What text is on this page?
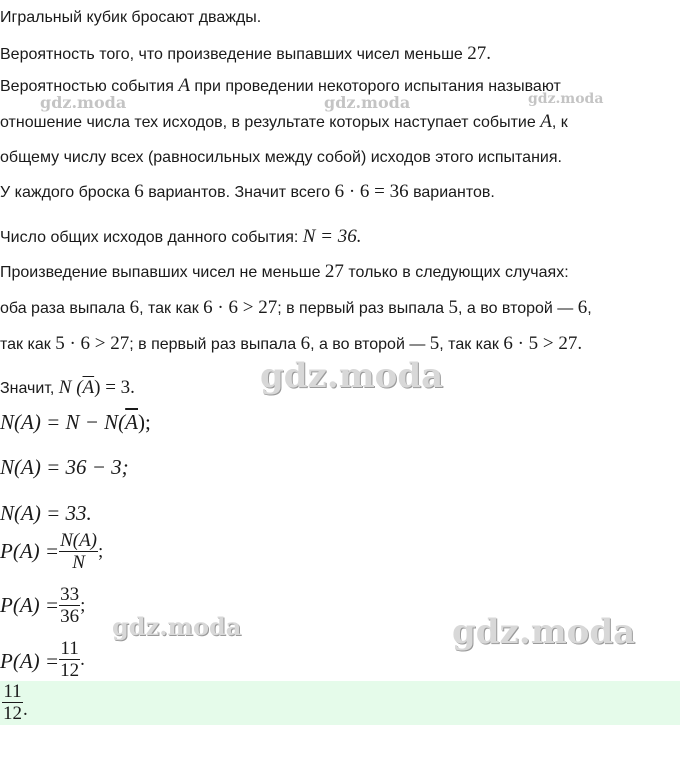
Игральный кубик бросают дважды.
Вероятность того, что произведение выпавших чисел меньше 27.
Вероятностью события A при проведении некоторого испытания называют
отношение числа тех исходов, в результате которых наступает событие A, к
общему числу всех (равносильных между собой) исходов этого испытания.
У каждого броска 6 вариантов. Значит всего 6 · 6 = 36 вариантов.
Число общих исходов данного события: N = 36.
Произведение выпавших чисел не меньше 27 только в следующих случаях:
оба раза выпала 6, так как 6 · 6 > 27; в первый раз выпала 5, а во второй — 6,
так как 5 · 6 > 27; в первый раз выпала 6, а во второй — 5, так как 6 · 5 > 27.
Значит, N $(\overline{A}) = 3$.
$N(A) = N - N(\overline{A})$;
N(A) = 36 − 3;
N(A) = 33.
$P(A) = \frac{N(A)}{N}$ ;
$P(A) = \frac{33}{36}$ ;
$P(A) = \frac{11}{12}$ .
$\frac{11}{12}$ .
gdz.moda	gdz.moda	gdz.moda
gdz.moda
gdz.moda	gdz.moda
